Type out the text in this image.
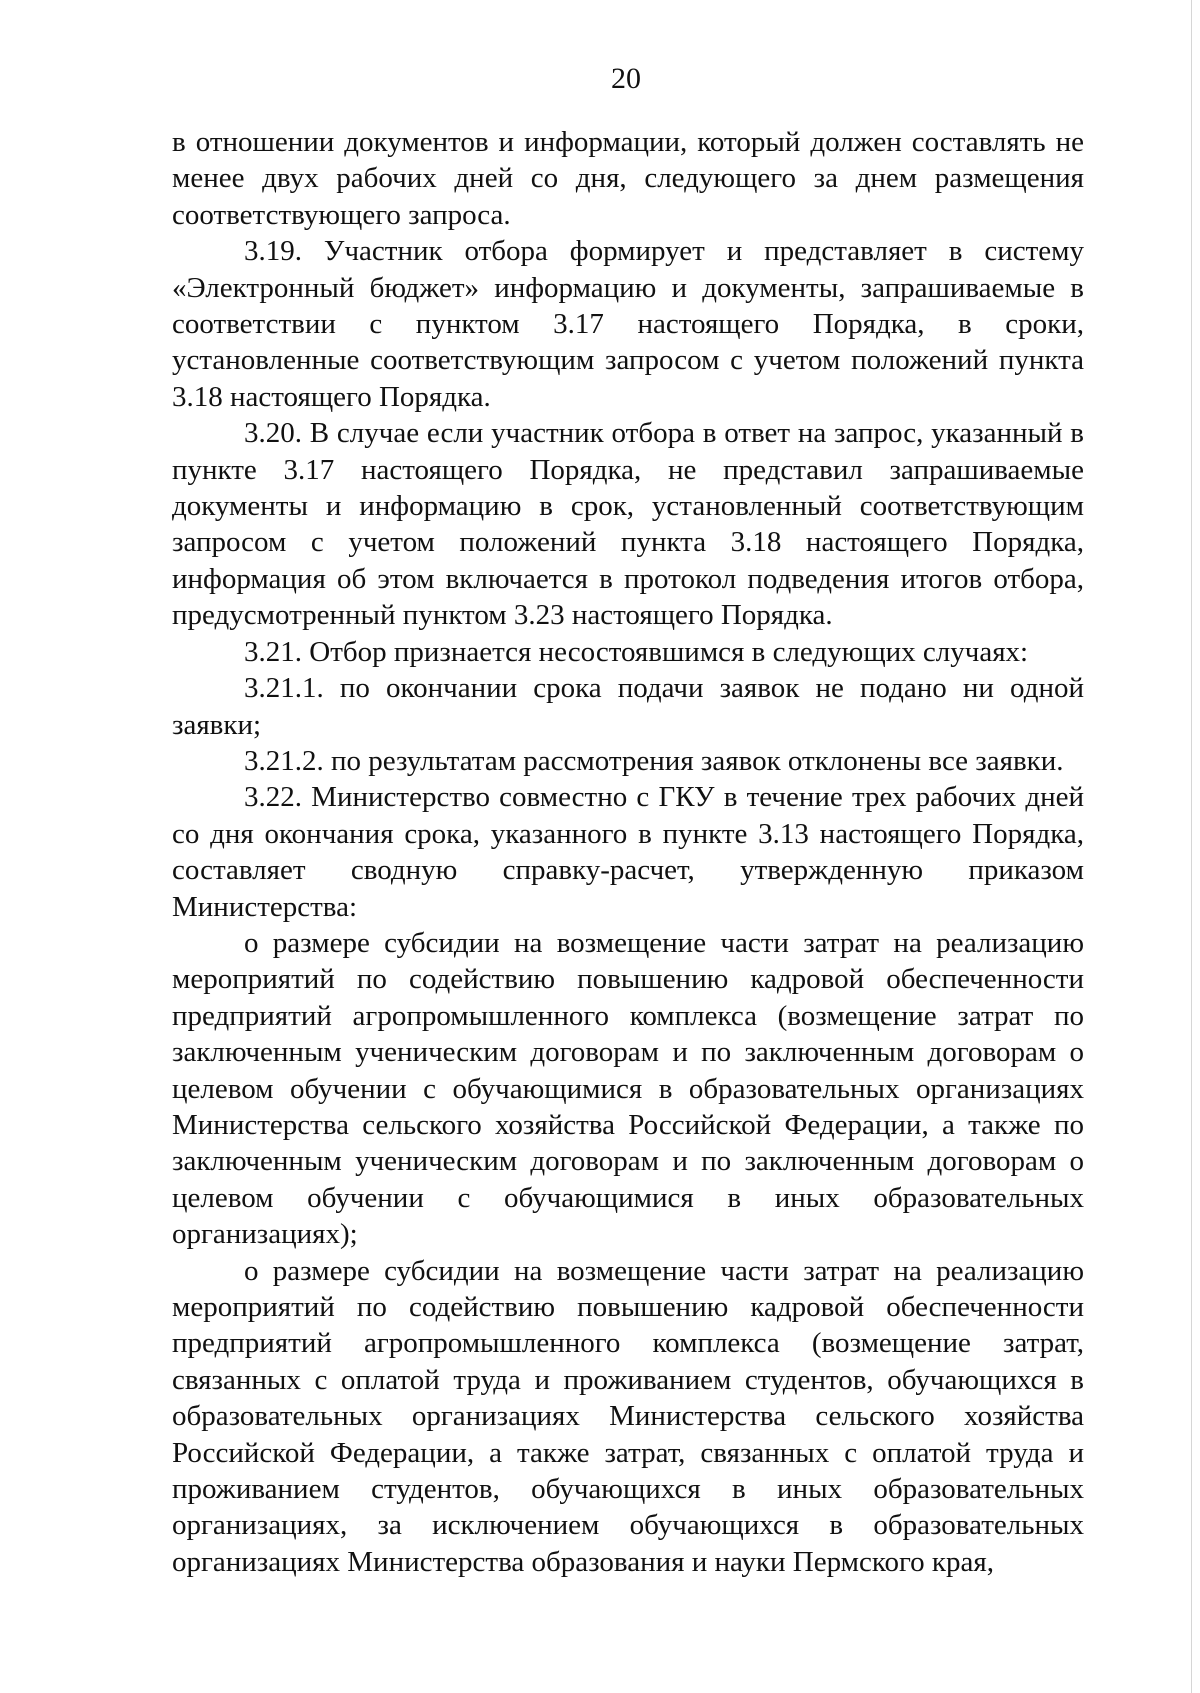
20

в отношении документов и информации, который должен составлять не менее двух рабочих дней со дня, следующего за днем размещения соответствующего запроса.

3.19. Участник отбора формирует и представляет в систему «Электронный бюджет» информацию и документы, запрашиваемые в соответствии с пунктом 3.17 настоящего Порядка, в сроки, установленные соответствующим запросом с учетом положений пункта 3.18 настоящего Порядка.

3.20. В случае если участник отбора в ответ на запрос, указанный в пункте 3.17 настоящего Порядка, не представил запрашиваемые документы и информацию в срок, установленный соответствующим запросом с учетом положений пункта 3.18 настоящего Порядка, информация об этом включается в протокол подведения итогов отбора, предусмотренный пунктом 3.23 настоящего Порядка.

3.21. Отбор признается несостоявшимся в следующих случаях:

3.21.1. по окончании срока подачи заявок не подано ни одной заявки;

3.21.2. по результатам рассмотрения заявок отклонены все заявки.

3.22. Министерство совместно с ГКУ в течение трех рабочих дней со дня окончания срока, указанного в пункте 3.13 настоящего Порядка, составляет сводную справку-расчет, утвержденную приказом Министерства:

о размере субсидии на возмещение части затрат на реализацию мероприятий по содействию повышению кадровой обеспеченности предприятий агропромышленного комплекса (возмещение затрат по заключенным ученическим договорам и по заключенным договорам о целевом обучении с обучающимися в образовательных организациях Министерства сельского хозяйства Российской Федерации, а также по заключенным ученическим договорам и по заключенным договорам о целевом обучении с обучающимися в иных образовательных организациях);

о размере субсидии на возмещение части затрат на реализацию мероприятий по содействию повышению кадровой обеспеченности предприятий агропромышленного комплекса (возмещение затрат, связанных с оплатой труда и проживанием студентов, обучающихся в образовательных организациях Министерства сельского хозяйства Российской Федерации, а также затрат, связанных с оплатой труда и проживанием студентов, обучающихся в иных образовательных организациях, за исключением обучающихся в образовательных организациях Министерства образования и науки Пермского края,
